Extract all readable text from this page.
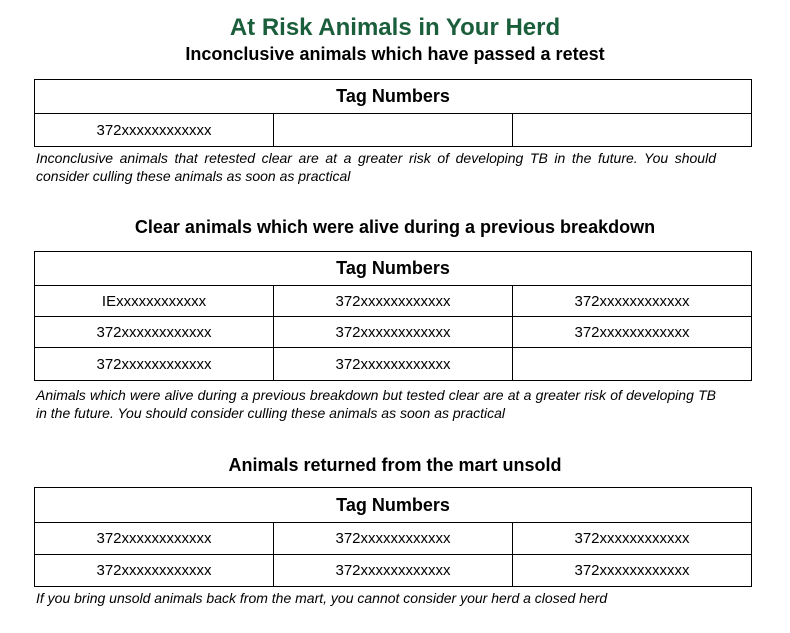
At Risk Animals in Your Herd
Inconclusive animals which have passed a retest
Tag Numbers
372xxxxxxxxxxxx		
Inconclusive animals that retested clear are at a greater risk of developing TB in the future. You should consider culling these animals as soon as practical
Clear animals which were alive during a previous breakdown
Tag Numbers		
IExxxxxxxxxxxx	372xxxxxxxxxxxx	372xxxxxxxxxxxx
372xxxxxxxxxxxx	372xxxxxxxxxxxx	372xxxxxxxxxxxx
372xxxxxxxxxxxx	372xxxxxxxxxxxx	
Animals which were alive during a previous breakdown but tested clear are at a greater risk of developing TB in the future. You should consider culling these animals as soon as practical
Animals returned from the mart unsold
Tag Numbers		
372xxxxxxxxxxxx	372xxxxxxxxxxxx	372xxxxxxxxxxxx
372xxxxxxxxxxxx	372xxxxxxxxxxxx	372xxxxxxxxxxxx
If you bring unsold animals back from the mart, you cannot consider your herd a closed herd
